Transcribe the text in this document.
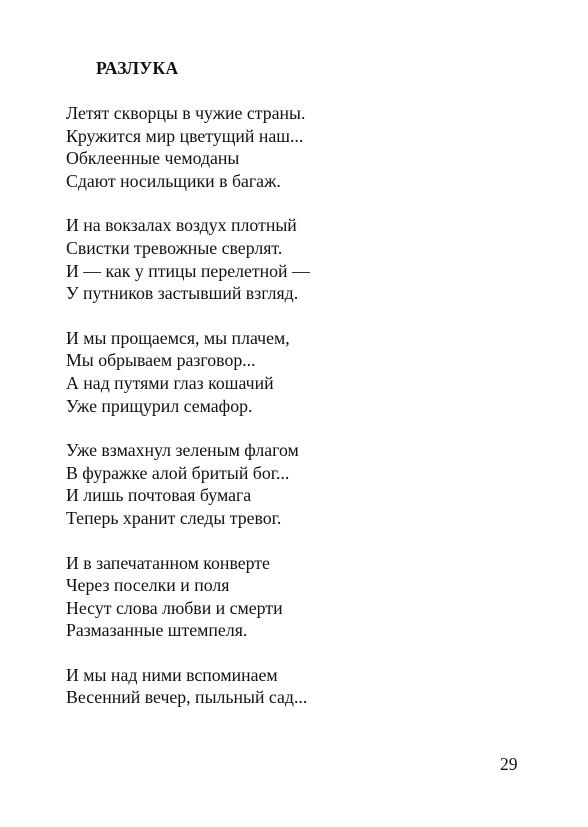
РАЗЛУКА
Летят скворцы в чужие страны.
Кружится мир цветущий наш...
Обклеенные чемоданы
Сдают носильщики в багаж.
И на вокзалах воздух плотный
Свистки тревожные сверлят.
И — как у птицы перелетной —
У путников застывший взгляд.
И мы прощаемся, мы плачем,
Мы обрываем разговор...
А над путями глаз кошачий
Уже прищурил семафор.
Уже взмахнул зеленым флагом
В фуражке алой бритый бог...
И лишь почтовая бумага
Теперь хранит следы тревог.
И в запечатанном конверте
Через поселки и поля
Несут слова любви и смерти
Размазанные штемпеля.
И мы над ними вспоминаем
Весенний вечер, пыльный сад...
29
